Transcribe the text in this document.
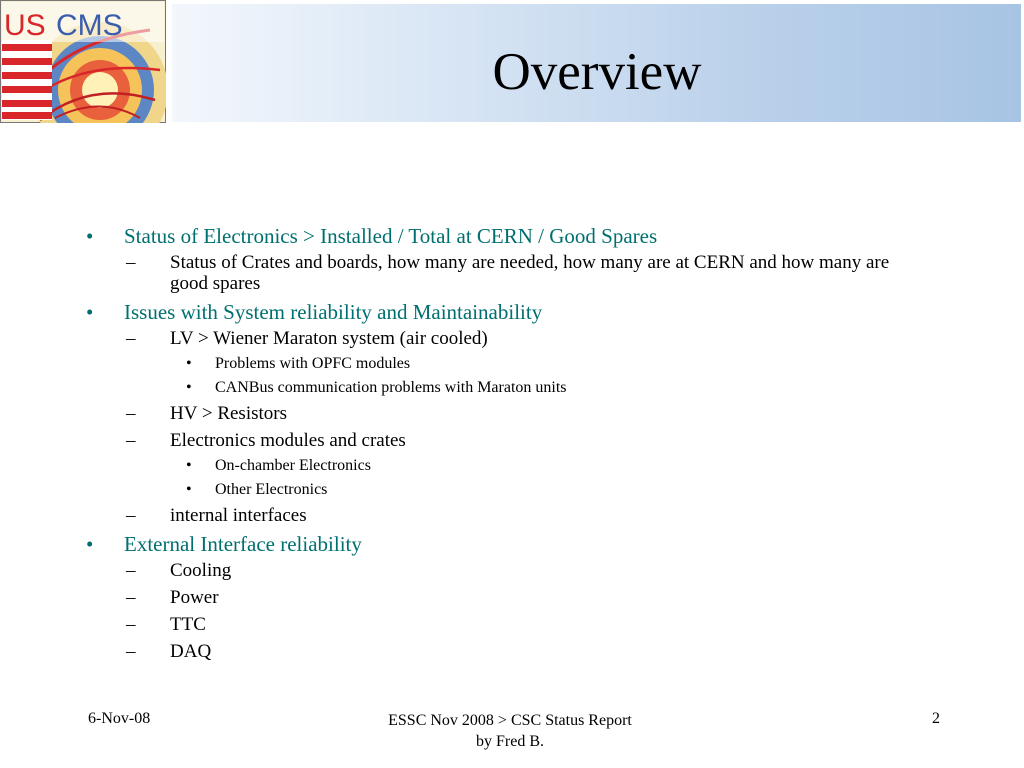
US CMS
Overview
•	Status of Electronics > Installed / Total at CERN / Good Spares
– Status of Crates and boards, how many are needed, how many are at CERN and how many are good spares
•	Issues with System reliability and Maintainability
– LV > Wiener Maraton system (air cooled)
• Problems with OPFC modules
• CANBus communication problems with Maraton units
– HV > Resistors
– Electronics modules and crates
• On-chamber Electronics
• Other Electronics
– internal interfaces
•	External Interface reliability
– Cooling
– Power
– TTC
– DAQ
6-Nov-08	ESSC Nov 2008 > CSC Status Report
by Fred B.
2
